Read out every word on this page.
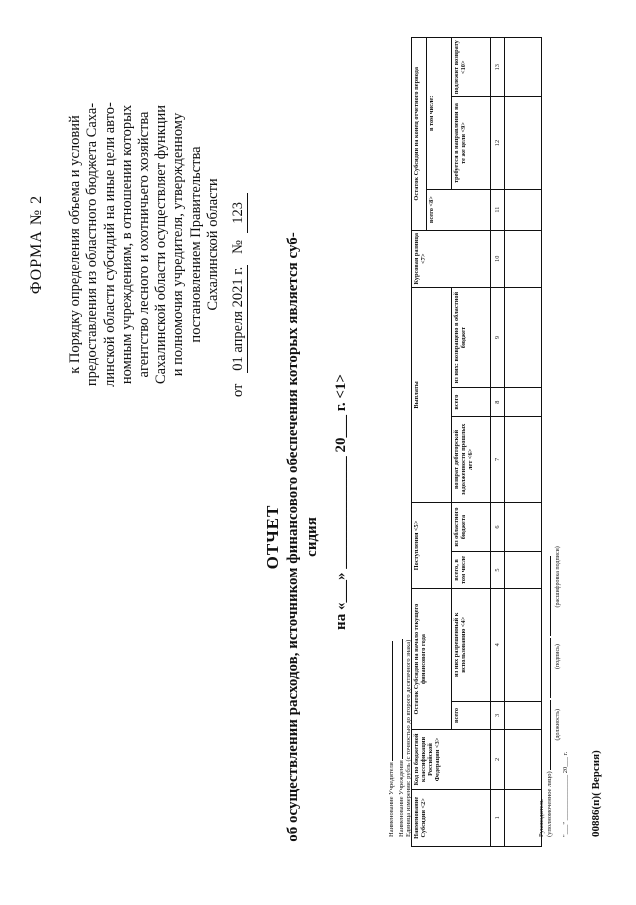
ФОРМА № 2 к Порядку определения объема и условий предоставления из областного бюджета Саха- линской области субсидий на иные цели авто- номным учреждениям, в отношении которых агентство лесного и охотничьего хозяйства Сахалинской области осуществляет функции и полномочия учредителя, утвержденному постановлением Правительства Сахалинской области
от   01 апреля 2021 г.   №  123
ОТЧЕТ об осуществлении расходов, источником финансового обеспечения которых является суб- сидия на «___» _______________ 20___ г. <1>
Наименование Учредителя Наименование Учреждения Единица измерения: рубль (с точностью до второго десятичного знака) Наименование Субсидии <2>	Код по бюджетной классификации Российской Федерации <3>	Остаток Субсидии на начало текущего финансового года		Поступления <5>		Выплаты			Курсовая разница <7>	Остаток Субсидии на конец отчетного периода		
										всего <8>	в том числе:	
		всего	из них разрешенный к использованию <4>	всего, в том числе	из областного бюджета	возврат дебиторской задолженности прошлых лет <6>	всего	из них: возвращено в областной бюджет			требуется в направлении на те же цели <9>	подлежит возврату <10>
1	2	3	4	5	6	7	8	9	10	11	12	13

Руководитель (уполномоченное лицо)
(должность) (подпись) (расшифровка подписи)
"___" ______________ 20___ г. 00886(п)( Версия)
